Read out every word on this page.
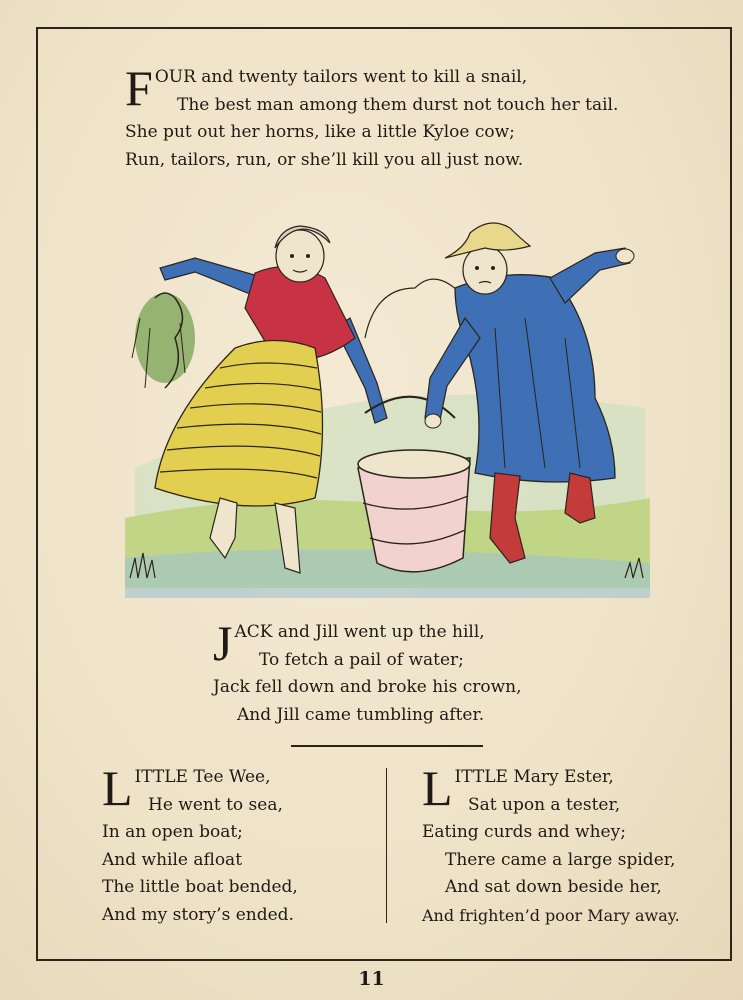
F OUR and twenty tailors went to kill a snail,
The best man among them durst not touch her tail.
She put out her horns, like a little Kyloe cow;
Run, tailors, run, or she’ll kill you all just now.
J ACK and Jill went up the hill,
To fetch a pail of water;
Jack fell down and broke his crown,
And Jill came tumbling after.
L ITTLE Tee Wee,
He went to sea,
In an open boat;
And while afloat
The little boat bended,
And my story’s ended.
L ITTLE Mary Ester,
Sat upon a tester,
Eating curds and whey;
There came a large spider,
And sat down beside her,
And frighten’d poor Mary away.
11
